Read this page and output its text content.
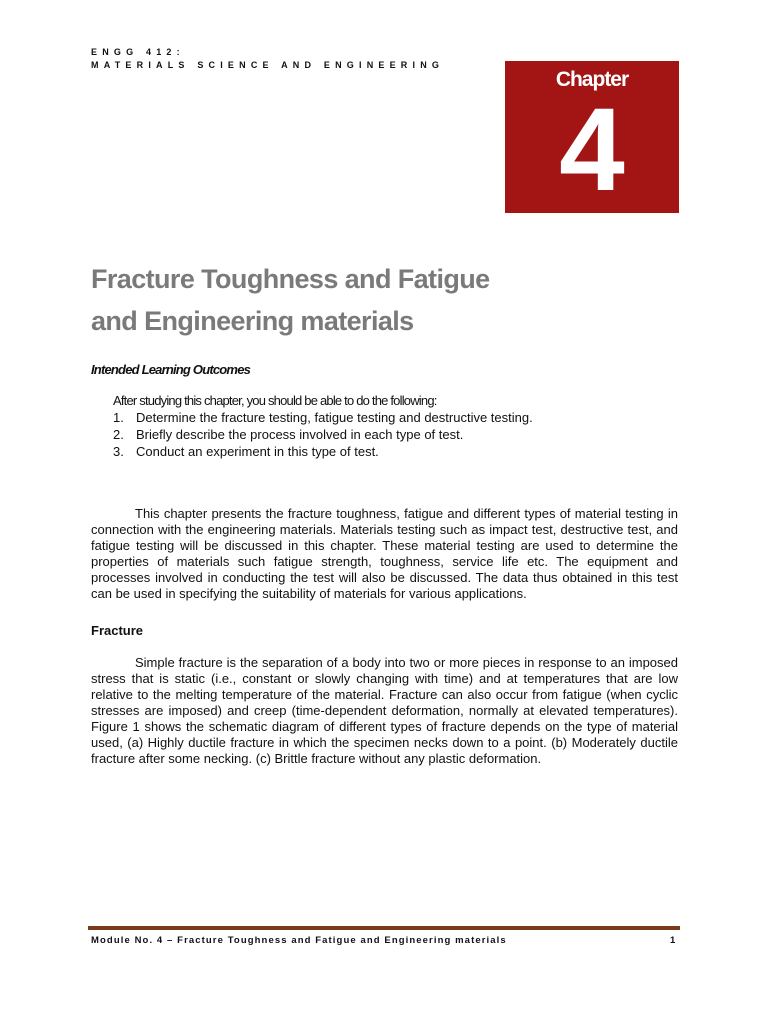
ENGG 412:
MATERIALS SCIENCE AND ENGINEERING
Chapter
4
Fracture Toughness and Fatigue
and Engineering materials
Intended Learning Outcomes
After studying this chapter, you should be able to do the following:
1. Determine the fracture testing, fatigue testing and destructive testing.
2. Briefly describe the process involved in each type of test.
3. Conduct an experiment in this type of test.

This chapter presents the fracture toughness, fatigue and different types of material testing in connection with the engineering materials. Materials testing such as impact test, destructive test, and fatigue testing will be discussed in this chapter. These material testing are used to determine the properties of materials such fatigue strength, toughness, service life etc. The equipment and processes involved in conducting the test will also be discussed. The data thus obtained in this test can be used in specifying the suitability of materials for various applications.

Fracture

Simple fracture is the separation of a body into two or more pieces in response to an imposed stress that is static (i.e., constant or slowly changing with time) and at temperatures that are low relative to the melting temperature of the material. Fracture can also occur from fatigue (when cyclic stresses are imposed) and creep (time-dependent deformation, normally at elevated temperatures). Figure 1 shows the schematic diagram of different types of fracture depends on the type of material used, (a) Highly ductile fracture in which the specimen necks down to a point. (b) Moderately ductile fracture after some necking. (c) Brittle fracture without any plastic deformation.

Module No. 4 – Fracture Toughness and Fatigue and Engineering materials	1
